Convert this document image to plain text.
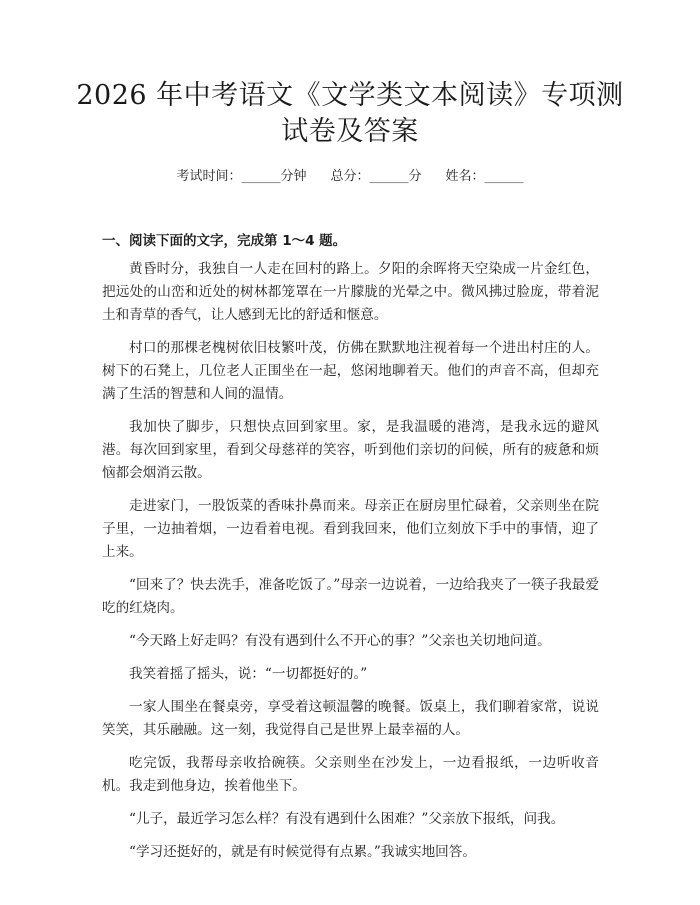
2026 年中考语文《文学类文本阅读》专项测
试卷及答案
考试时间：______分钟 总分：______分 姓名：______
一、阅读下面的文字，完成第 1～4 题。

黄昏时分，我独自一人走在回村的路上。夕阳的余晖将天空染成一片金红色，把远处的山峦和近处的树林都笼罩在一片朦胧的光晕之中。微风拂过脸庞，带着泥土和青草的香气，让人感到无比的舒适和惬意。

村口的那棵老槐树依旧枝繁叶茂，仿佛在默默地注视着每一个进出村庄的人。树下的石凳上，几位老人正围坐在一起，悠闲地聊着天。他们的声音不高，但却充满了生活的智慧和人间的温情。

我加快了脚步，只想快点回到家里。家，是我温暖的港湾，是我永远的避风港。每次回到家里，看到父母慈祥的笑容，听到他们亲切的问候，所有的疲惫和烦恼都会烟消云散。

走进家门，一股饭菜的香味扑鼻而来。母亲正在厨房里忙碌着，父亲则坐在院子里，一边抽着烟，一边看着电视。看到我回来，他们立刻放下手中的事情，迎了上来。

“回来了？快去洗手，准备吃饭了。”母亲一边说着，一边给我夹了一筷子我最爱吃的红烧肉。

“今天路上好走吗？有没有遇到什么不开心的事？”父亲也关切地问道。

我笑着摇了摇头，说：“一切都挺好的。”

一家人围坐在餐桌旁，享受着这顿温馨的晚餐。饭桌上，我们聊着家常，说说笑笑，其乐融融。这一刻，我觉得自己是世界上最幸福的人。

吃完饭，我帮母亲收拾碗筷。父亲则坐在沙发上，一边看报纸，一边听收音机。我走到他身边，挨着他坐下。

“儿子，最近学习怎么样？有没有遇到什么困难？”父亲放下报纸，问我。

“学习还挺好的，就是有时候觉得有点累。”我诚实地回答。
